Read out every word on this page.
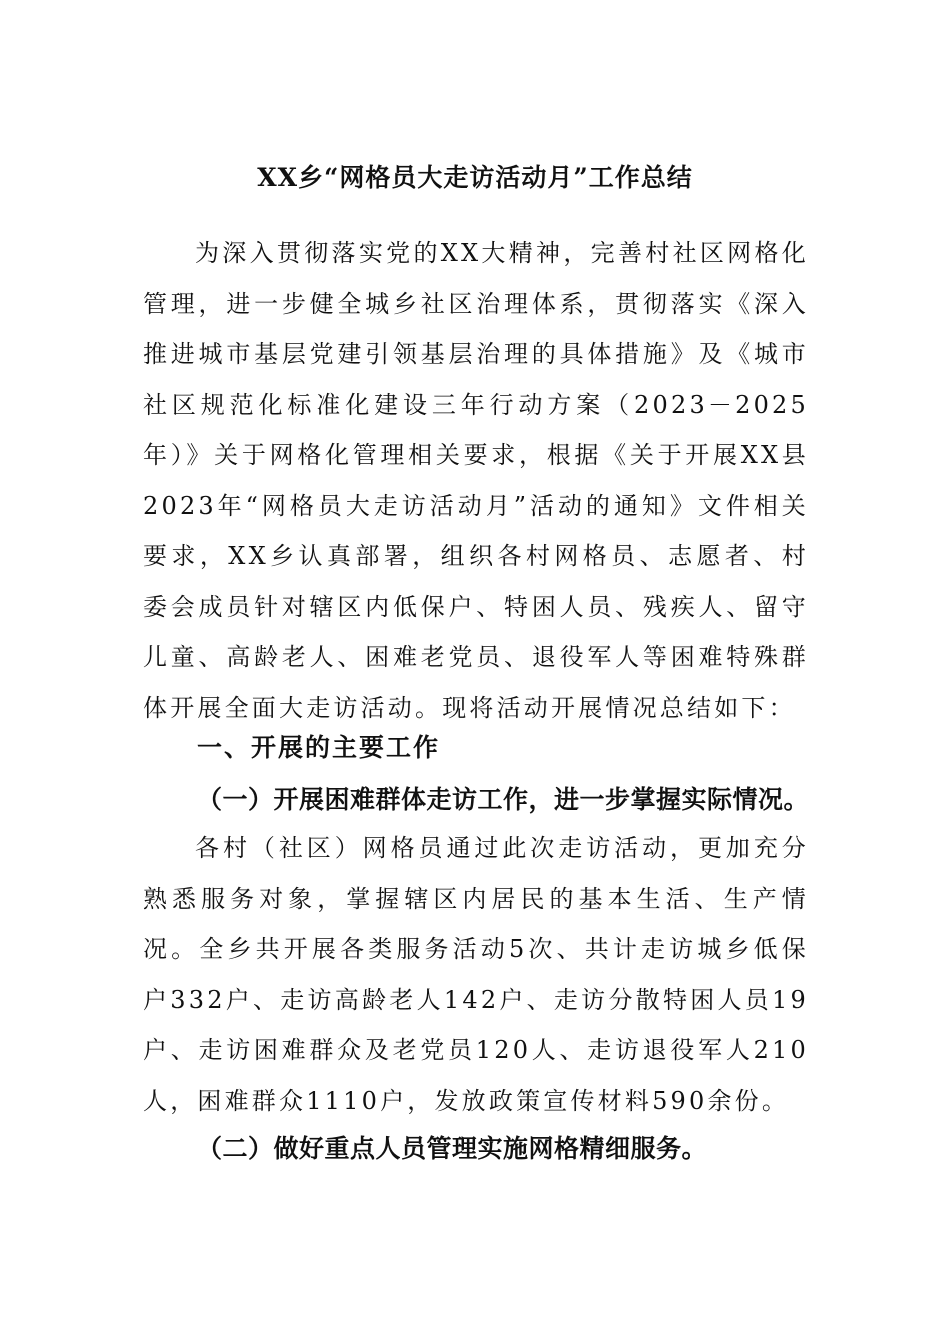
XX乡“网格员大走访活动月”工作总结

为深入贯彻落实党的XX大精神，完善村社区网格化管理，进一步健全城乡社区治理体系，贯彻落实《深入推进城市基层党建引领基层治理的具体措施》及《城市社区规范化标准化建设三年行动方案（2023－2025年）》关于网格化管理相关要求，根据《关于开展XX县2023年“网格员大走访活动月”活动的通知》文件相关要求，XX乡认真部署，组织各村网格员、志愿者、村委会成员针对辖区内低保户、特困人员、残疾人、留守儿童、高龄老人、困难老党员、退役军人等困难特殊群体开展全面大走访活动。现将活动开展情况总结如下：

一、开展的主要工作
（一）开展困难群体走访工作，进一步掌握实际情况。

各村（社区）网格员通过此次走访活动，更加充分熟悉服务对象，掌握辖区内居民的基本生活、生产情况。全乡共开展各类服务活动5次、共计走访城乡低保户332户、走访高龄老人142户、走访分散特困人员19户、走访困难群众及老党员120人、走访退役军人210人，困难群众1110户，发放政策宣传材料590余份。

（二）做好重点人员管理实施网格精细服务。
